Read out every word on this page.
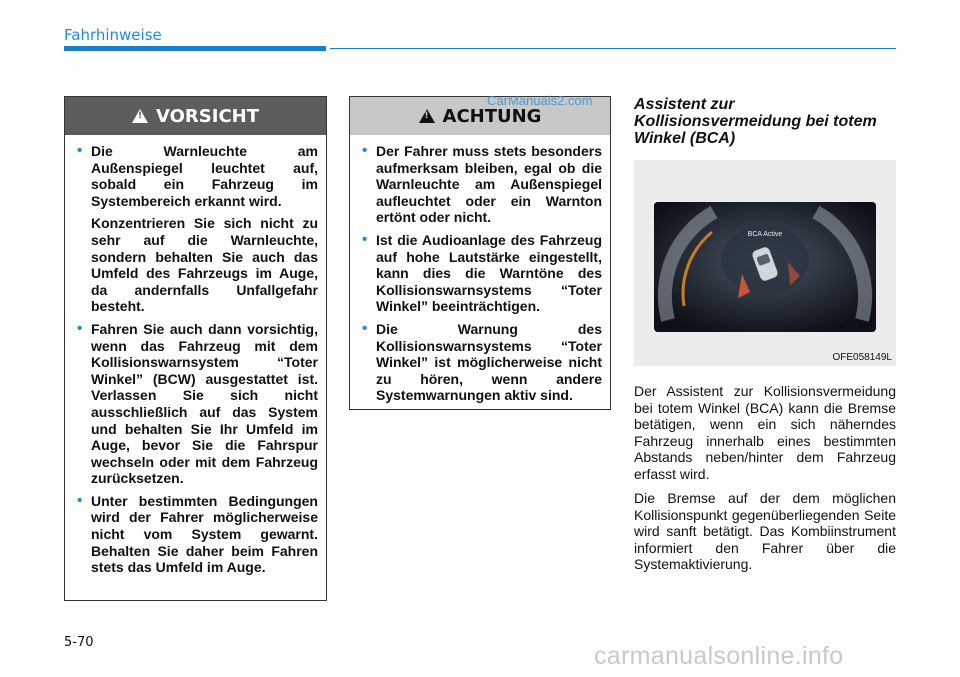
Fahrhinweise
!
VORSICHT
• Die Warnleuchte am Außenspiegel leuchtet auf, sobald ein Fahrzeug im Systembereich erkannt wird.
Konzentrieren Sie sich nicht zu sehr auf die Warnleuchte, sondern behalten Sie auch das Umfeld des Fahrzeugs im Auge, da andernfalls Unfallgefahr besteht.
• Fahren Sie auch dann vorsichtig, wenn das Fahrzeug mit dem Kollisionswarnsystem “Toter Winkel” (BCW) ausgestattet ist. Verlassen Sie sich nicht ausschließlich auf das System und behalten Sie Ihr Umfeld im Auge, bevor Sie die Fahrspur wechseln oder mit dem Fahrzeug zurücksetzen.
• Unter bestimmten Bedingungen wird der Fahrer möglicherweise nicht vom System gewarnt. Behalten Sie daher beim Fahren stets das Umfeld im Auge.
!
ACHTUNG
• Der Fahrer muss stets besonders aufmerksam bleiben, egal ob die Warnleuchte am Außenspiegel aufleuchtet oder ein Warnton ertönt oder nicht.
• Ist die Audioanlage des Fahrzeug auf hohe Lautstärke eingestellt, kann dies die Warntöne des Kollisionswarnsystems “Toter Winkel” beeinträchtigen.
• Die Warnung des Kollisionswarnsystems “Toter Winkel” ist möglicherweise nicht zu hören, wenn andere Systemwarnungen aktiv sind.
CarManuals2.com	Assistent zur Kollisionsvermeidung bei totem Winkel (BCA)
BCA Active
OFE058149L
Der Assistent zur Kollisionsvermeidung bei totem Winkel (BCA) kann die Bremse betätigen, wenn ein sich näherndes Fahrzeug innerhalb eines bestimmten Abstands neben/hinter dem Fahrzeug erfasst wird.
Die Bremse auf der dem möglichen Kollisionspunkt gegenüberliegenden Seite wird sanft betätigt. Das Kombiinstrument informiert den Fahrer über die Systemaktivierung.
5-70	carmanualsonline.info
